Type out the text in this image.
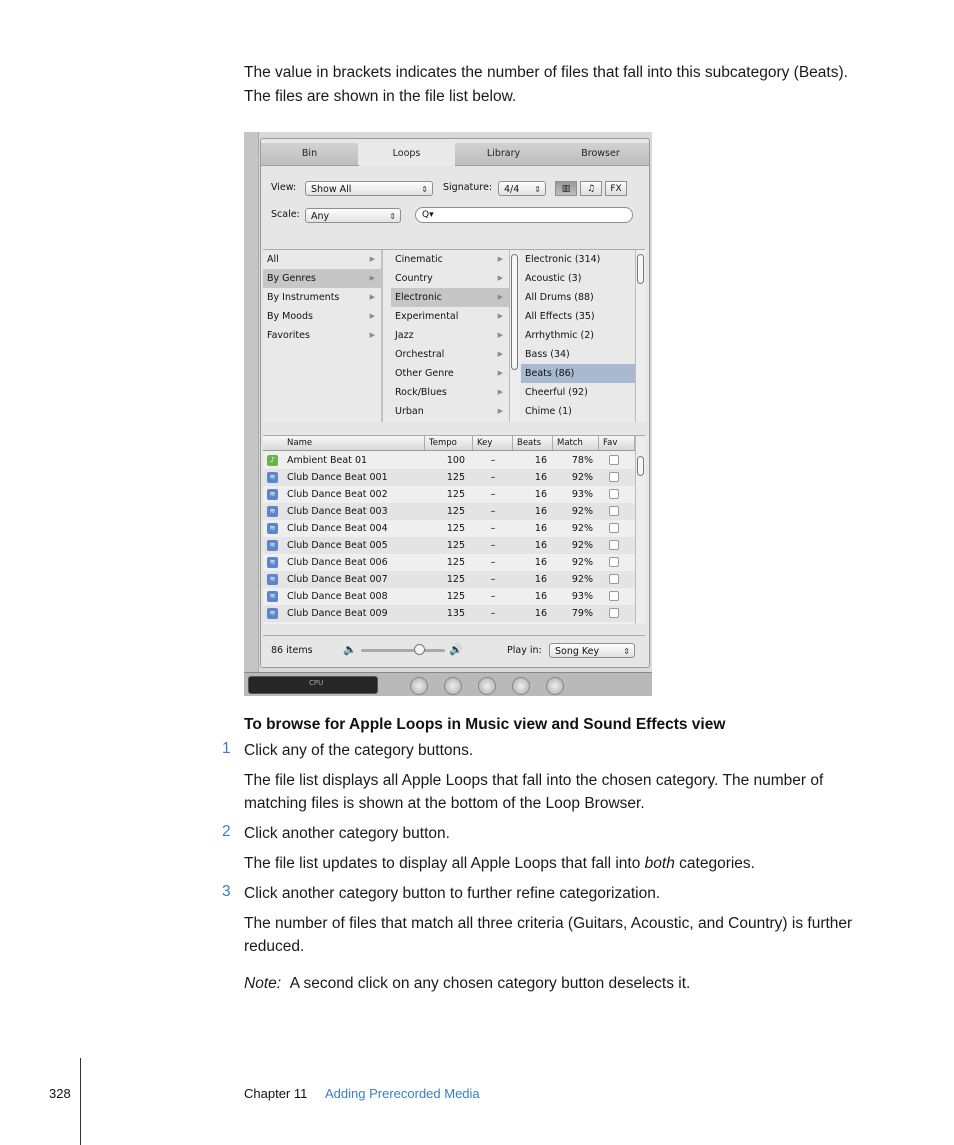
The value in brackets indicates the number of files that fall into this subcategory (Beats).

The files are shown in the file list below.

Bin	Loops	Library	Browser
View:	Show All	⇕ Signature:	4/4 ⇕	▥	♫	FX
Scale:	Any	⇕	Q▾
All	▶
By Genres	▶
By Instruments	▶
By Moods	▶
Favorites	▶
Cinematic	▶
Country	▶
Electronic	▶
Experimental	▶
Jazz	▶
Orchestral	▶
Other Genre	▶
Rock/Blues	▶
Urban	▶
Electronic (314)
Acoustic (3)
All Drums (88)
All Effects (35)
Arrhythmic (2)
Bass (34)
Beats (86)
Cheerful (92)
Chime (1)
Name	Tempo	Key	Beats	Match	Fav
♪	Ambient Beat 01	100	–	16	78%
≋ Club Dance Beat 001	125	–	16	92%
≋ Club Dance Beat 002	125	–	16	93%
≋ Club Dance Beat 003	125	–	16	92%
≋ Club Dance Beat 004	125	–	16	92%
≋ Club Dance Beat 005	125	–	16	92%
≋ Club Dance Beat 006	125	–	16	92%
≋ Club Dance Beat 007	125	–	16	92%
≋ Club Dance Beat 008	125	–	16	93%
≋ Club Dance Beat 009	135	–	16	79%
86 items	🔈	🔊	Play in:	Song Key	⇕
CPU
To browse for Apple Loops in Music view and Sound Effects view
1 Click any of the category buttons.

The file list displays all Apple Loops that fall into the chosen category. The number of

matching files is shown at the bottom of the Loop Browser.

2 Click another category button.

The file list updates to display all Apple Loops that fall into both categories.

3 Click another category button to further refine categorization.

The number of files that match all three criteria (Guitars, Acoustic, and Country) is further

reduced.

Note: A second click on any chosen category button deselects it.

328	Chapter 11 Adding Prerecorded Media
